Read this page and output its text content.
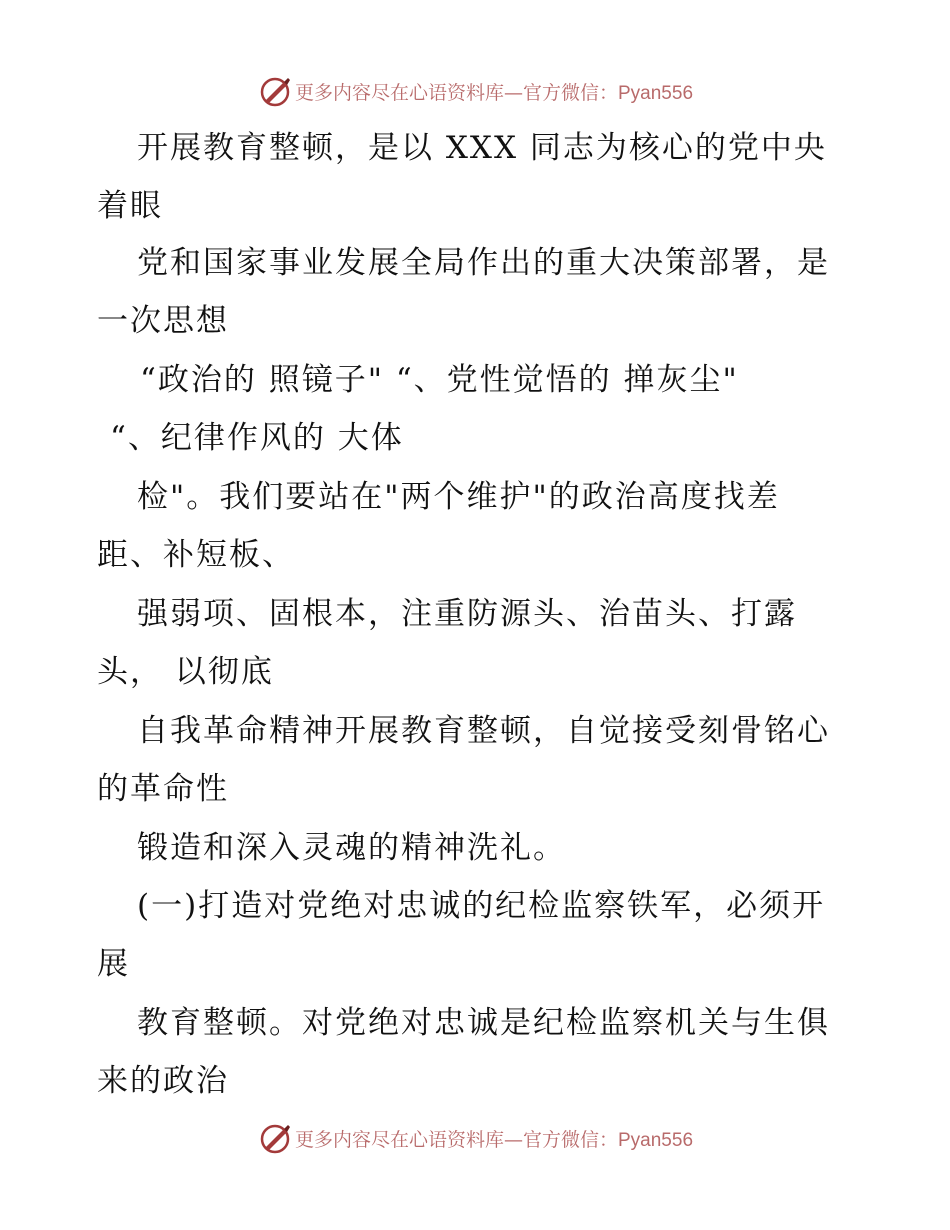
更多内容尽在心语资料库—官方微信：Pyan556
开展教育整顿，是以 XXX 同志为核心的党中央
着眼
党和国家事业发展全局作出的重大决策部署，是
一次思想
“政治的 照镜子" “、党性觉悟的 掸灰尘"
“、纪律作风的 大体
检"。我们要站在"两个维护"的政治高度找差
距、补短板、
强弱项、固根本，注重防源头、治苗头、打露
头， 以彻底
自我革命精神开展教育整顿，自觉接受刻骨铭心
的革命性
锻造和深入灵魂的精神洗礼。
(一)打造对党绝对忠诚的纪检监察铁军，必须开
展
教育整顿。对党绝对忠诚是纪检监察机关与生俱
来的政治
更多内容尽在心语资料库—官方微信：Pyan556
